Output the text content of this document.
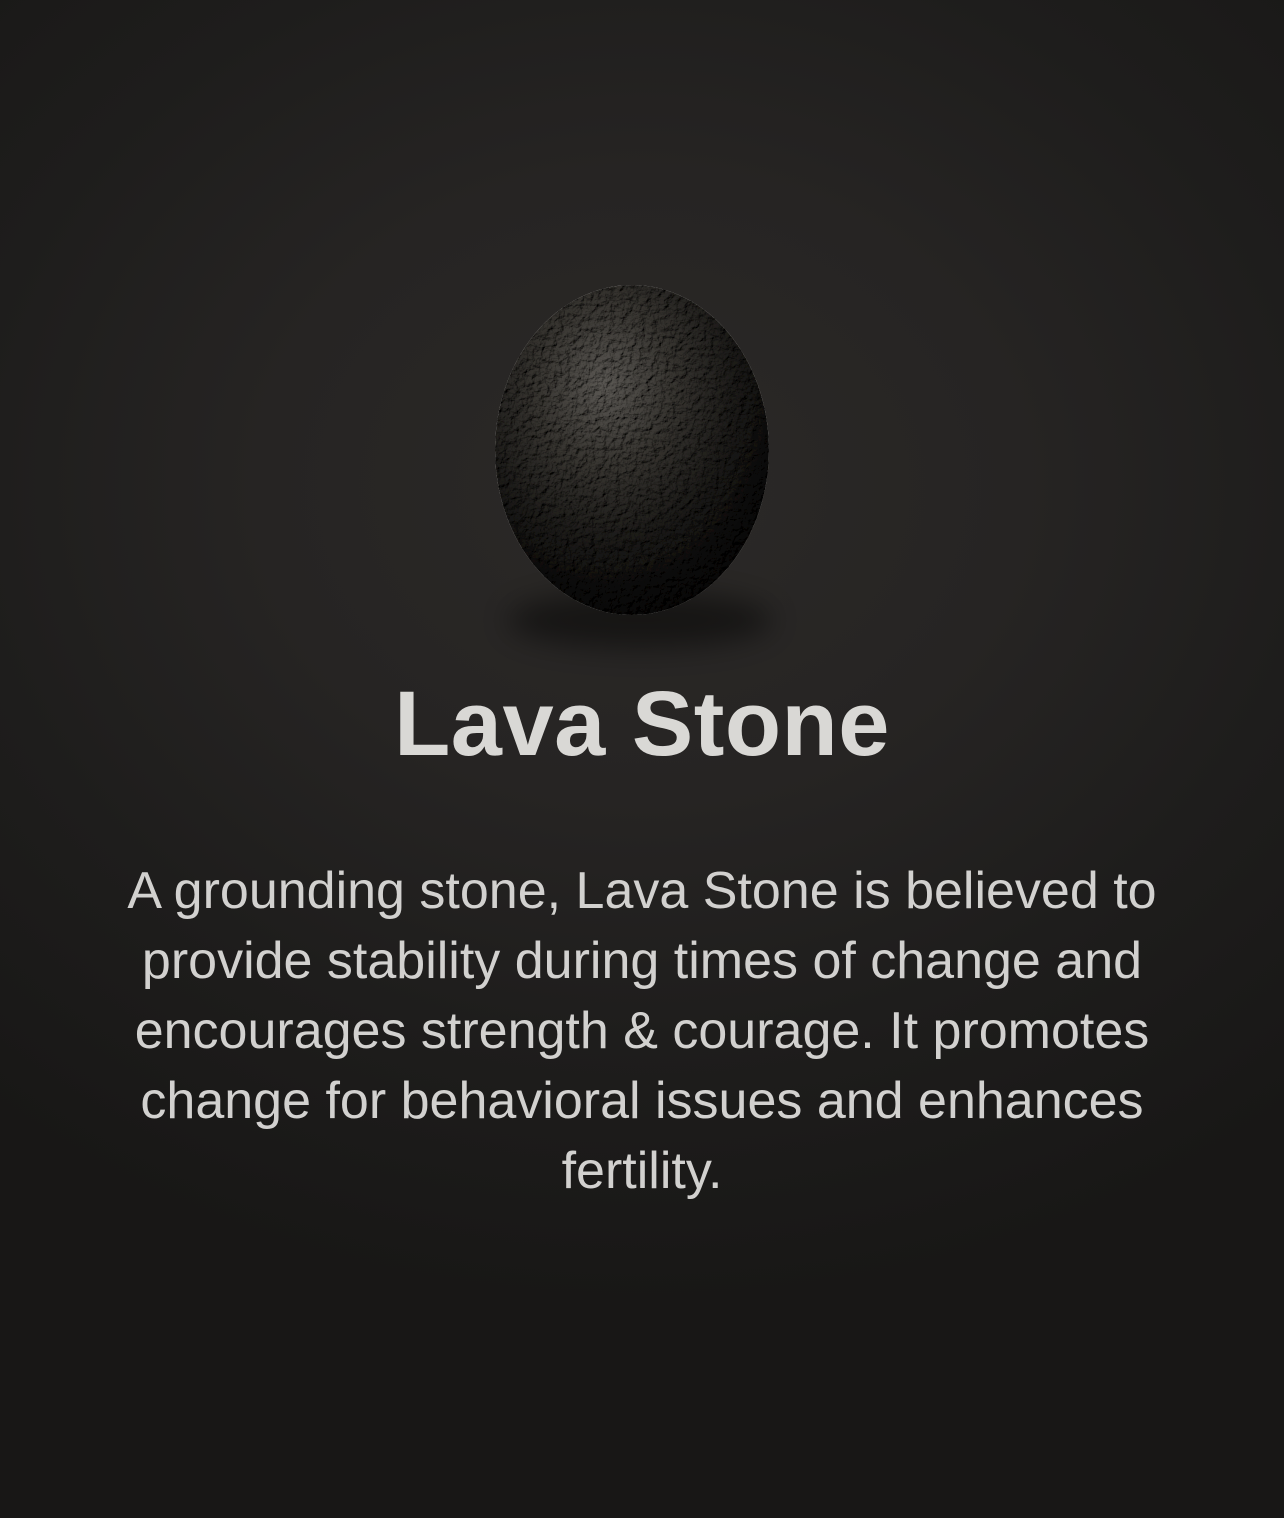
Lava Stone
A grounding stone, Lava Stone is believed to
provide stability during times of change and
encourages strength & courage. It promotes
change for behavioral issues and enhances
fertility.
